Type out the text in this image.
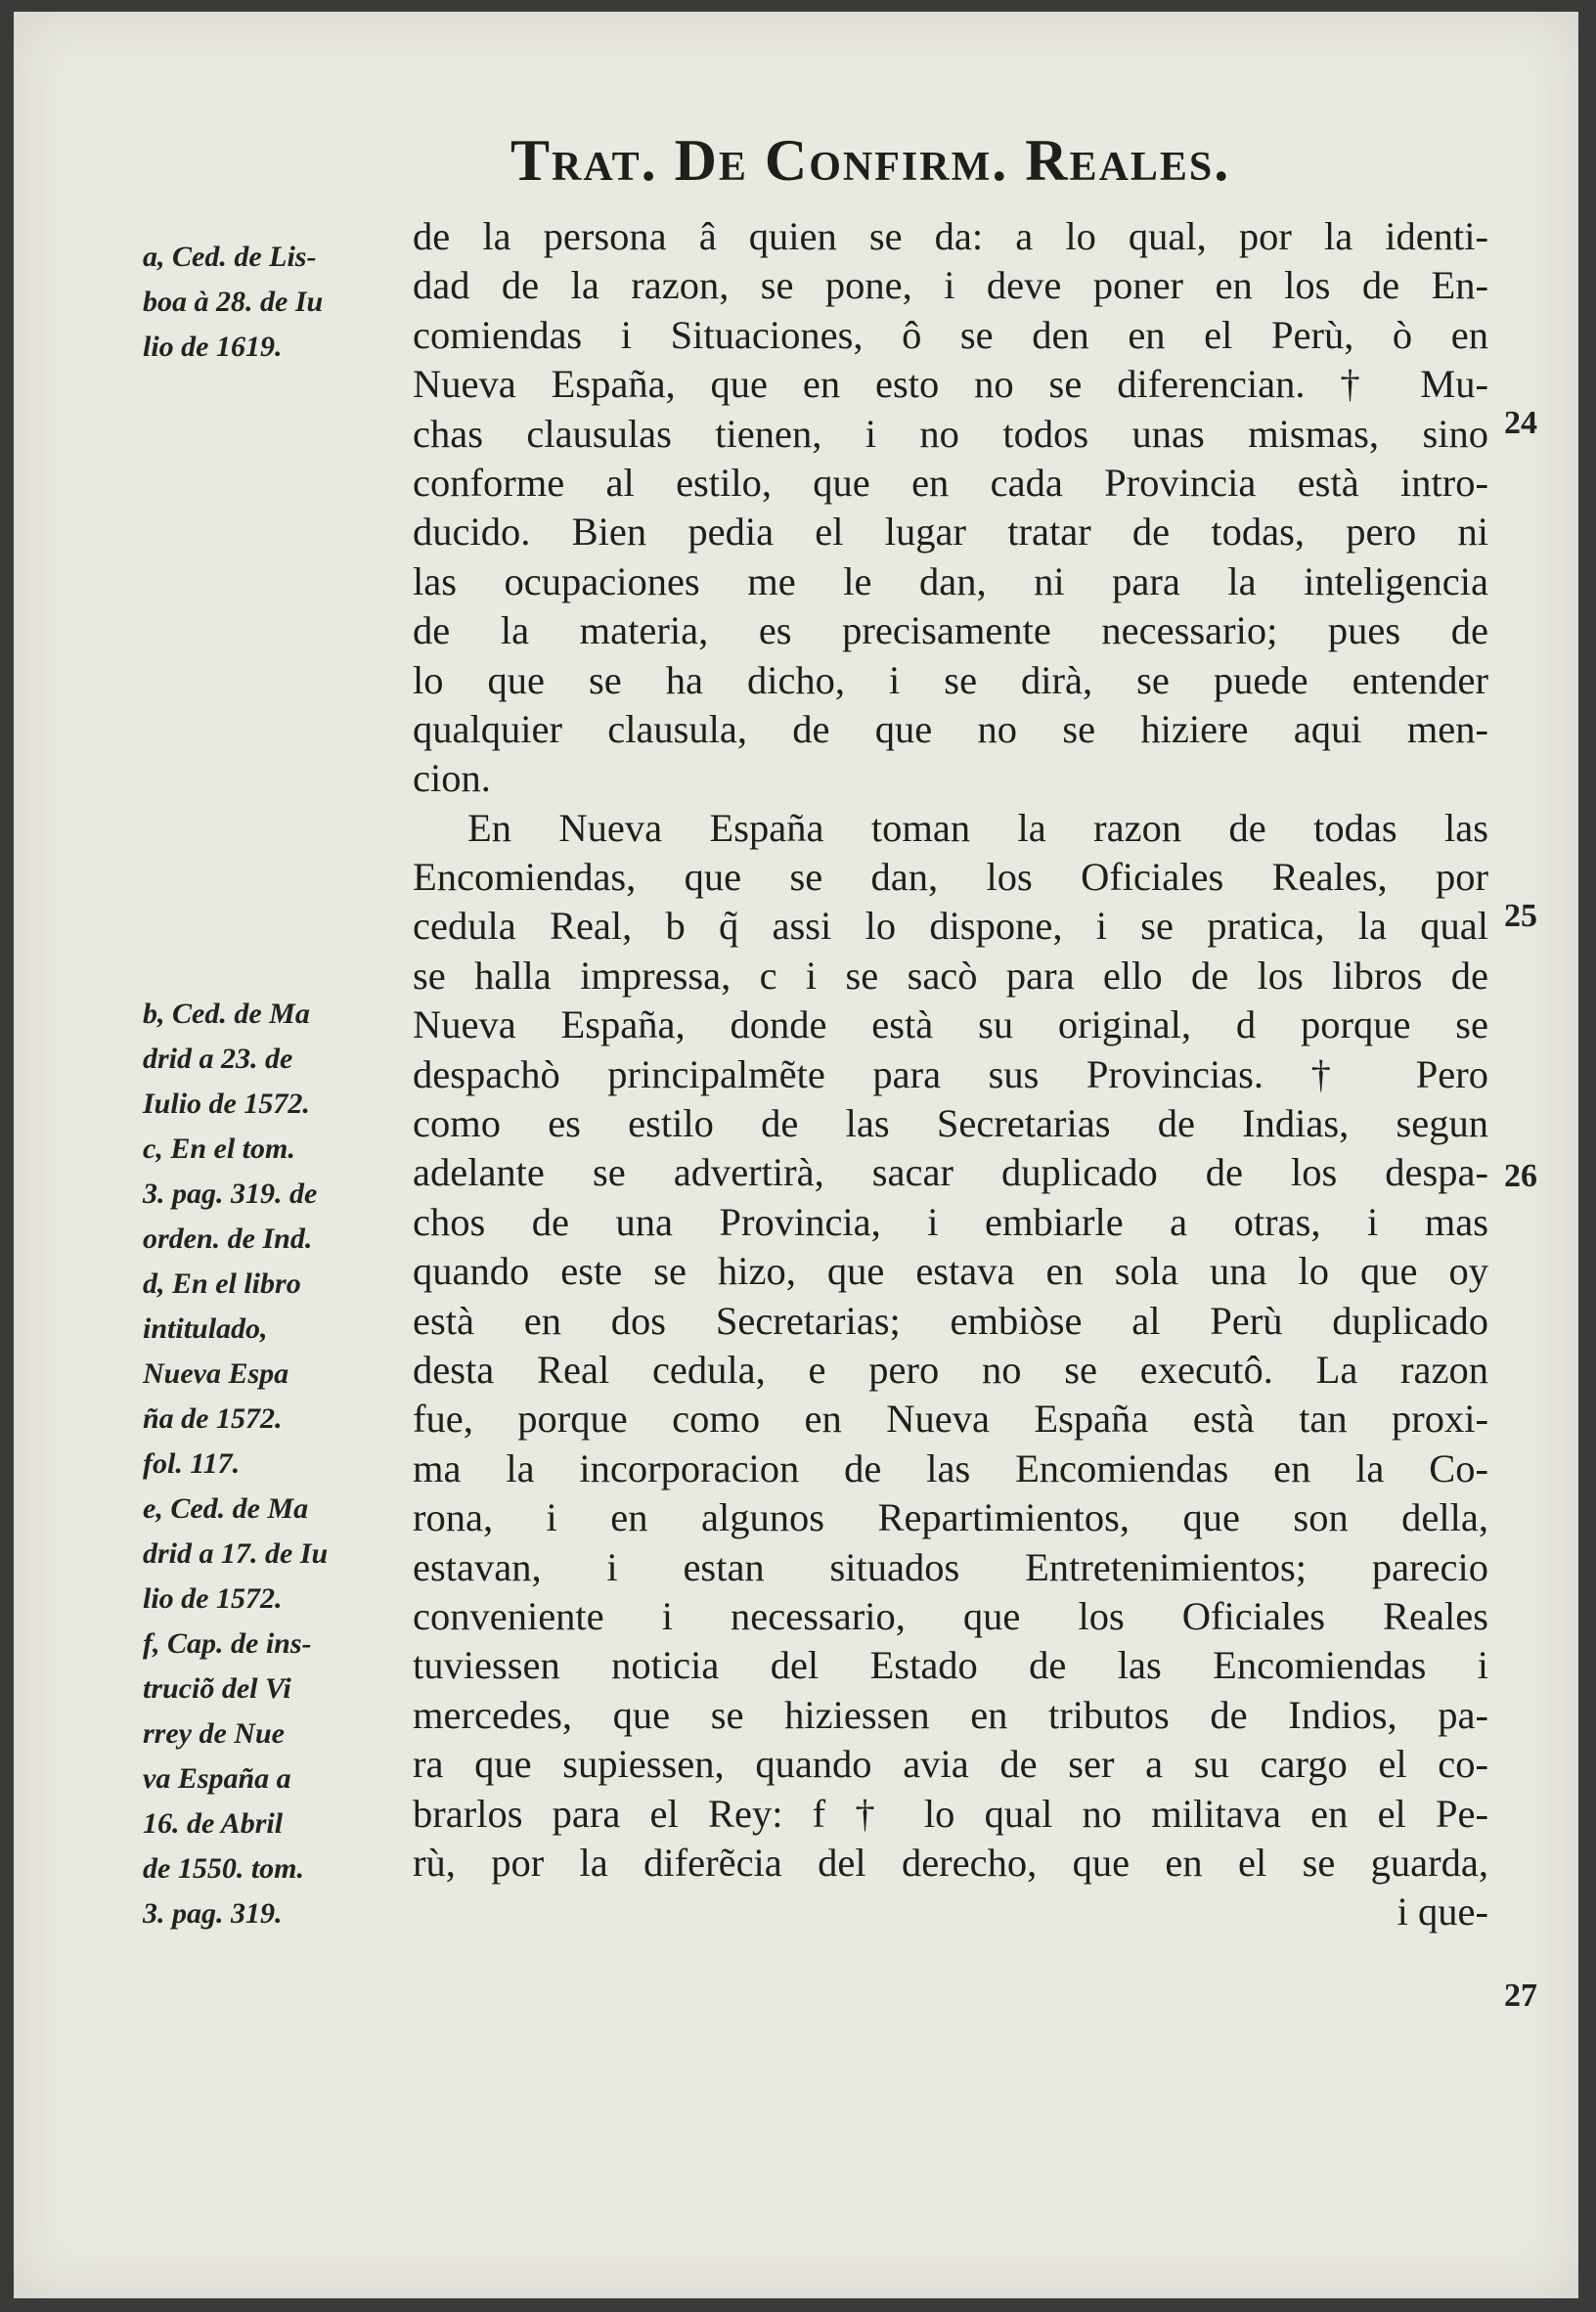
Trat. De Confirm. Reales.
de la persona â quien se da: a lo qual, por la identi-
dad de la razon, se pone, i deve poner en los de En-
comiendas i Situaciones, ô se den en el Perù, ò en
Nueva España, que en esto no se diferencian. † Mu-
chas clausulas tienen, i no todos unas mismas, sino
conforme al estilo, que en cada Provincia està intro-
ducido. Bien pedia el lugar tratar de todas, pero ni
las ocupaciones me le dan, ni para la inteligencia
de la materia, es precisamente necessario; pues de
lo que se ha dicho, i se dirà, se puede entender
qualquier clausula, de que no se hiziere aqui men-
cion.
En Nueva España toman la razon de todas las
Encomiendas, que se dan, los Oficiales Reales, por
cedula Real, b q̃ assi lo dispone, i se pratica, la qual
se halla impressa, c i se sacò para ello de los libros de
Nueva España, donde està su original, d porque se
despachò principalmẽte para sus Provincias. † Pero
como es estilo de las Secretarias de Indias, segun
adelante se advertirà, sacar duplicado de los despa-
chos de una Provincia, i embiarle a otras, i mas
quando este se hizo, que estava en sola una lo que oy
està en dos Secretarias; embiòse al Perù duplicado
desta Real cedula, e pero no se executô. La razon
fue, porque como en Nueva España està tan proxi-
ma la incorporacion de las Encomiendas en la Co-
rona, i en algunos Repartimientos, que son della,
estavan, i estan situados Entretenimientos; parecio
conveniente i necessario, que los Oficiales Reales
tuviessen noticia del Estado de las Encomiendas i
mercedes, que se hiziessen en tributos de Indios, pa-
ra que supiessen, quando avia de ser a su cargo el co-
brarlos para el Rey: f † lo qual no militava en el Pe-
rù, por la diferẽcia del derecho, que en el se guarda,
i que-
a, Ced. de Lis-
boa à 28. de Iu
lio de 1619.
b, Ced. de Ma
drid a 23. de
Iulio de 1572.
c, En el tom.
3. pag. 319. de
orden. de Ind.
d, En el libro
intitulado,
Nueva Espa
ña de 1572.
fol. 117.
e, Ced. de Ma
drid a 17. de Iu
lio de 1572.
f, Cap. de ins-
truciõ del Vi
rrey de Nue
va España a
16. de Abril
de 1550. tom.
3. pag. 319.
24
25
26
27
